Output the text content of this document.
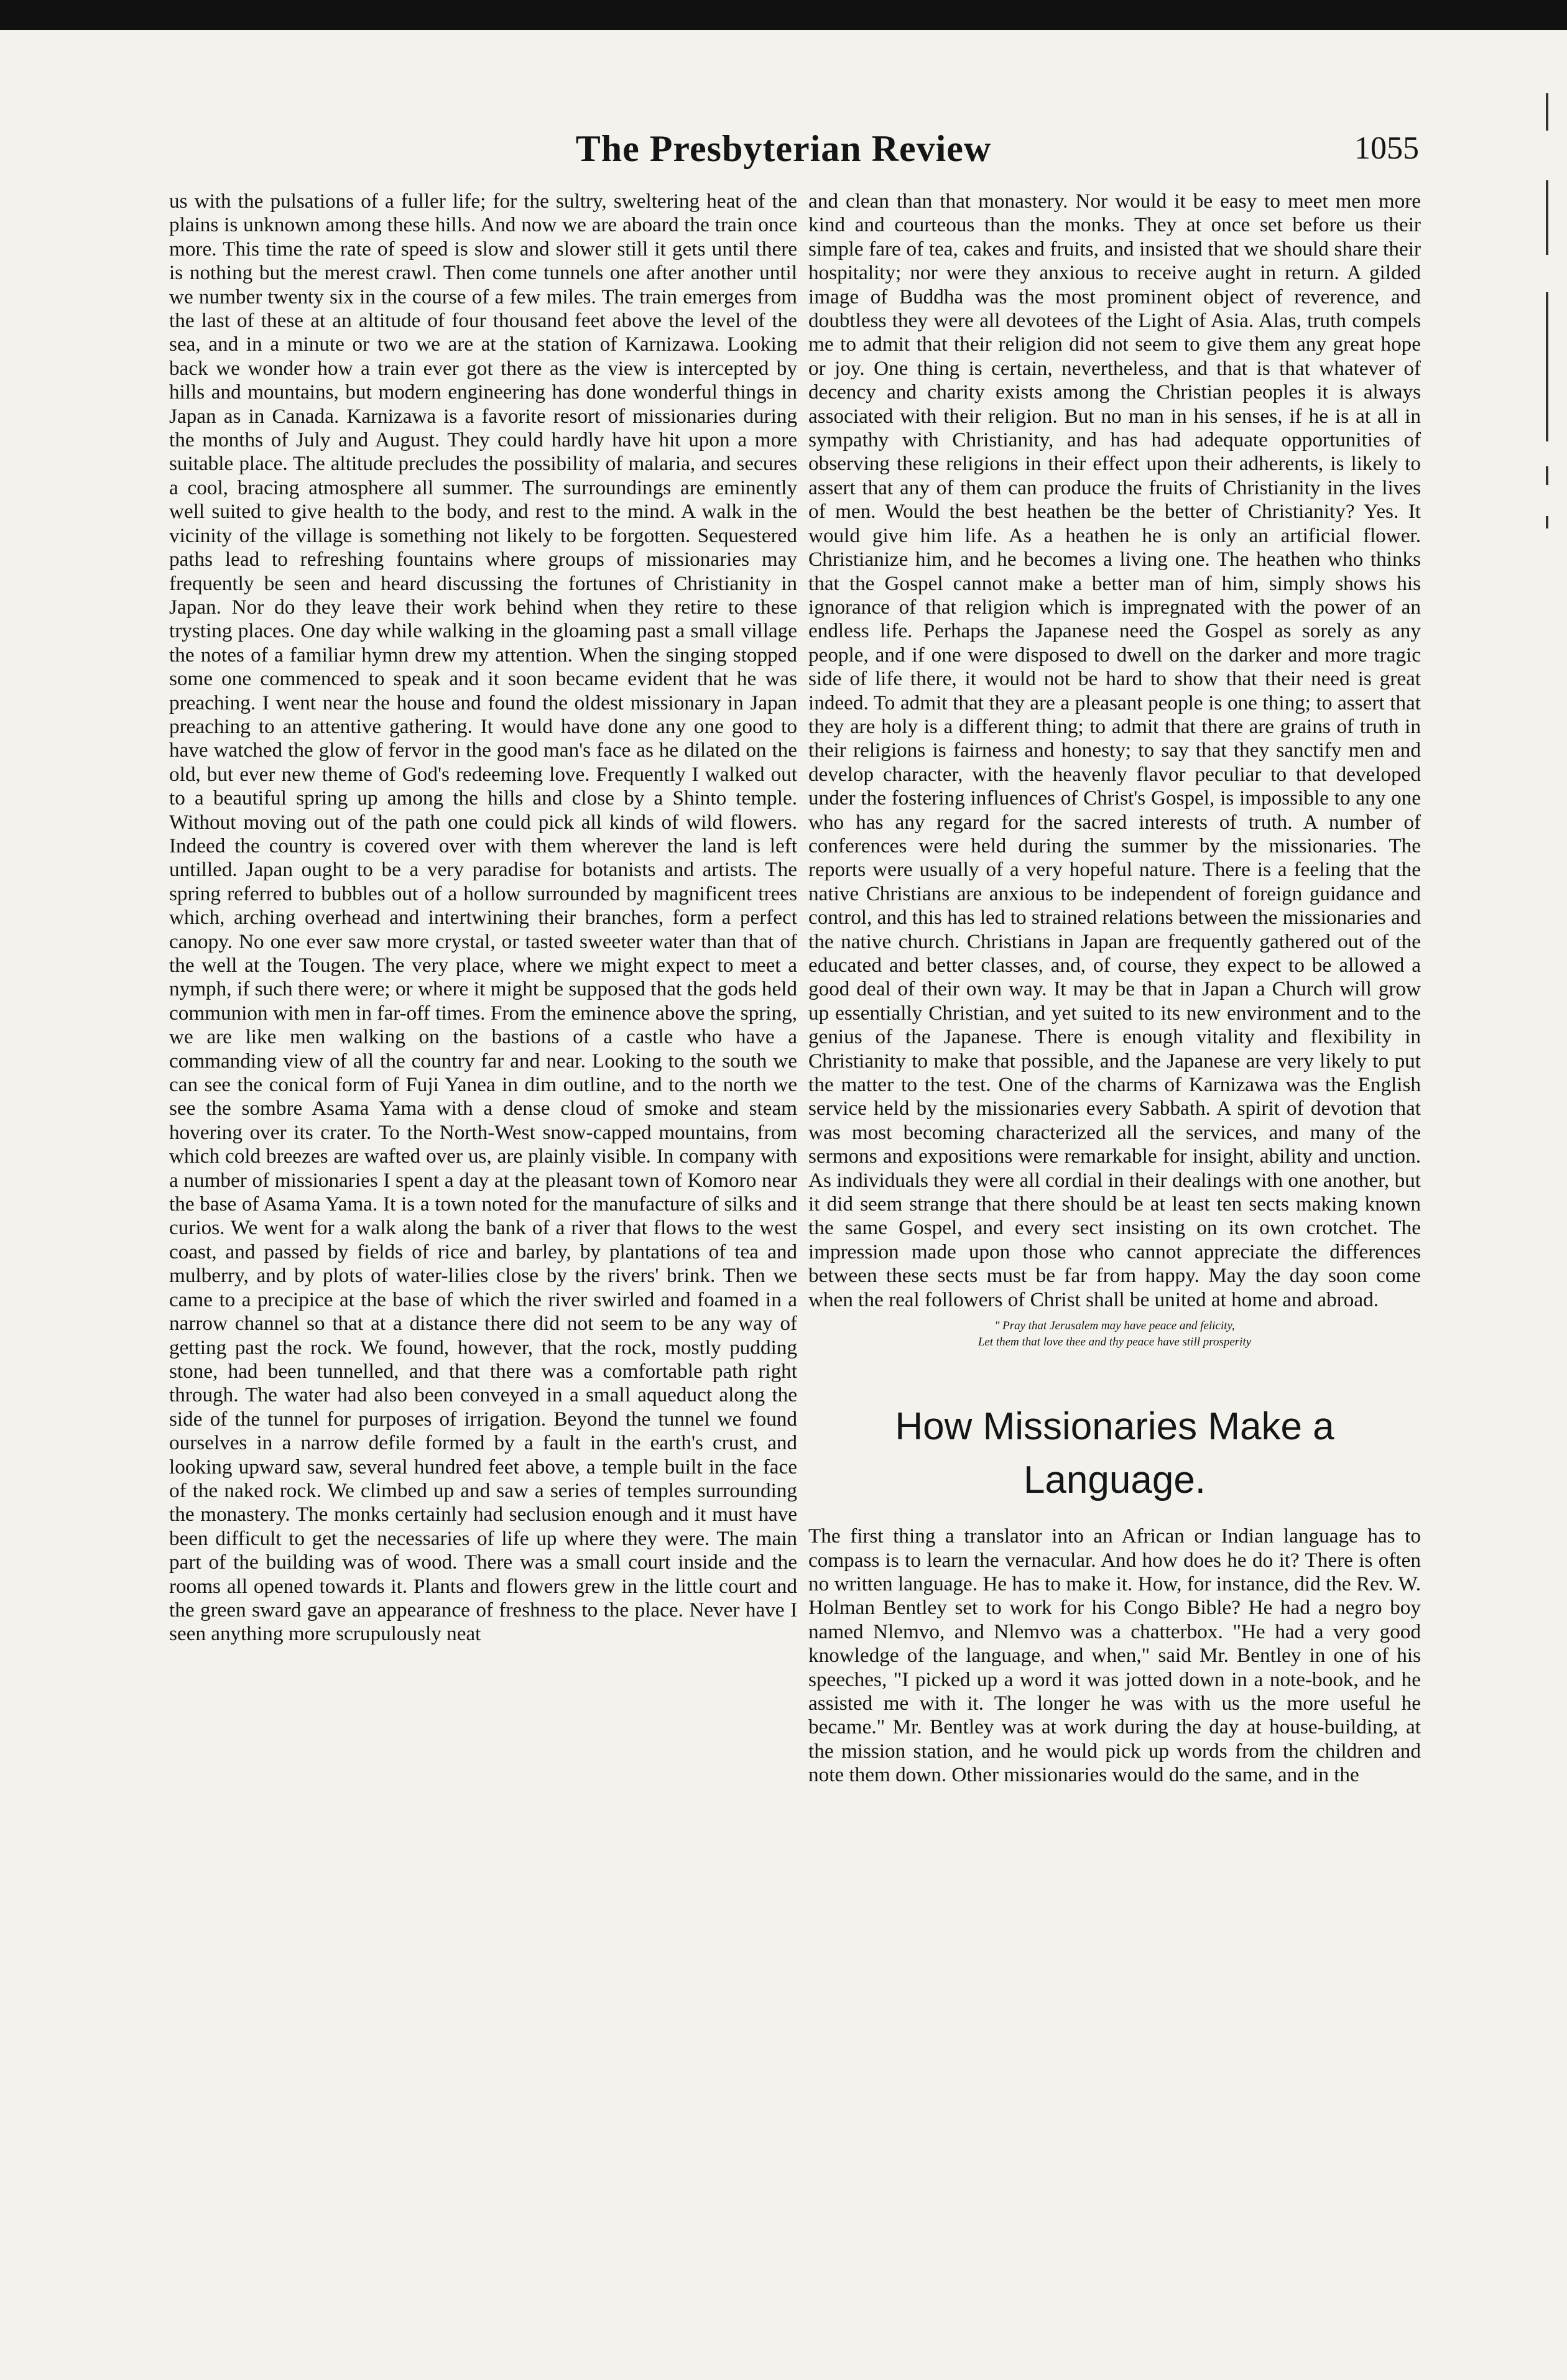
The Presbyterian Review	1055

us with the pulsations of a fuller life; for the sultry, sweltering heat of the plains is unknown among these hills. And now we are aboard the train once more. This time the rate of speed is slow and slower still it gets until there is nothing but the merest crawl. Then come tunnels one after another until we number twenty six in the course of a few miles. The train emerges from the last of these at an altitude of four thousand feet above the level of the sea, and in a minute or two we are at the station of Karnizawa. Looking back we wonder how a train ever got there as the view is intercepted by hills and mountains, but modern engineering has done wonderful things in Japan as in Canada. Karnizawa is a favorite resort of missionaries during the months of July and August. They could hardly have hit upon a more suitable place. The altitude precludes the possibility of malaria, and secures a cool, bracing atmosphere all summer. The surroundings are eminently well suited to give health to the body, and rest to the mind. A walk in the vicinity of the village is something not likely to be forgotten. Sequestered paths lead to refreshing fountains where groups of missionaries may frequently be seen and heard discussing the fortunes of Christianity in Japan. Nor do they leave their work behind when they retire to these trysting places. One day while walking in the gloaming past a small village the notes of a familiar hymn drew my attention. When the singing stopped some one commenced to speak and it soon became evident that he was preaching. I went near the house and found the oldest missionary in Japan preaching to an attentive gathering. It would have done any one good to have watched the glow of fervor in the good man's face as he dilated on the old, but ever new theme of God's redeeming love. Frequently I walked out to a beautiful spring up among the hills and close by a Shinto temple. Without moving out of the path one could pick all kinds of wild flowers. Indeed the country is covered over with them wherever the land is left untilled. Japan ought to be a very paradise for botanists and artists. The spring referred to bubbles out of a hollow surrounded by magnificent trees which, arching overhead and intertwining their branches, form a perfect canopy. No one ever saw more crystal, or tasted sweeter water than that of the well at the Tougen. The very place, where we might expect to meet a nymph, if such there were; or where it might be supposed that the gods held communion with men in far-off times. From the eminence above the spring, we are like men walking on the bastions of a castle who have a commanding view of all the country far and near. Looking to the south we can see the conical form of Fuji Yanea in dim outline, and to the north we see the sombre Asama Yama with a dense cloud of smoke and steam hovering over its crater. To the North-West snow-capped mountains, from which cold breezes are wafted over us, are plainly visible. In company with a number of missionaries I spent a day at the pleasant town of Komoro near the base of Asama Yama. It is a town noted for the manufacture of silks and curios. We went for a walk along the bank of a river that flows to the west coast, and passed by fields of rice and barley, by plantations of tea and mulberry, and by plots of water-lilies close by the rivers' brink. Then we came to a precipice at the base of which the river swirled and foamed in a narrow channel so that at a distance there did not seem to be any way of getting past the rock. We found, however, that the rock, mostly pudding stone, had been tunnelled, and that there was a comfortable path right through. The water had also been conveyed in a small aqueduct along the side of the tunnel for purposes of irrigation. Beyond the tunnel we found ourselves in a narrow defile formed by a fault in the earth's crust, and looking upward saw, several hundred feet above, a temple built in the face of the naked rock. We climbed up and saw a series of temples surrounding the monastery. The monks certainly had seclusion enough and it must have been difficult to get the necessaries of life up where they were. The main part of the building was of wood. There was a small court inside and the rooms all opened towards it. Plants and flowers grew in the little court and the green sward gave an appearance of freshness to the place. Never have I seen anything more scrupulously neat

and clean than that monastery. Nor would it be easy to meet men more kind and courteous than the monks. They at once set before us their simple fare of tea, cakes and fruits, and insisted that we should share their hospitality; nor were they anxious to receive aught in return. A gilded image of Buddha was the most prominent object of reverence, and doubtless they were all devotees of the Light of Asia. Alas, truth compels me to admit that their religion did not seem to give them any great hope or joy. One thing is certain, nevertheless, and that is that whatever of decency and charity exists among the Christian peoples it is always associated with their religion. But no man in his senses, if he is at all in sympathy with Christianity, and has had adequate opportunities of observing these religions in their effect upon their adherents, is likely to assert that any of them can produce the fruits of Christianity in the lives of men. Would the best heathen be the better of Christianity? Yes. It would give him life. As a heathen he is only an artificial flower. Christianize him, and he becomes a living one. The heathen who thinks that the Gospel cannot make a better man of him, simply shows his ignorance of that religion which is impregnated with the power of an endless life. Perhaps the Japanese need the Gospel as sorely as any people, and if one were disposed to dwell on the darker and more tragic side of life there, it would not be hard to show that their need is great indeed. To admit that they are a pleasant people is one thing; to assert that they are holy is a different thing; to admit that there are grains of truth in their religions is fairness and honesty; to say that they sanctify men and develop character, with the heavenly flavor peculiar to that developed under the fostering influences of Christ's Gospel, is impossible to any one who has any regard for the sacred interests of truth. A number of conferences were held during the summer by the missionaries. The reports were usually of a very hopeful nature. There is a feeling that the native Christians are anxious to be independent of foreign guidance and control, and this has led to strained relations between the missionaries and the native church. Christians in Japan are frequently gathered out of the educated and better classes, and, of course, they expect to be allowed a good deal of their own way. It may be that in Japan a Church will grow up essentially Christian, and yet suited to its new environment and to the genius of the Japanese. There is enough vitality and flexibility in Christianity to make that possible, and the Japanese are very likely to put the matter to the test. One of the charms of Karnizawa was the English service held by the missionaries every Sabbath. A spirit of devotion that was most becoming characterized all the services, and many of the sermons and expositions were remarkable for insight, ability and unction. As individuals they were all cordial in their dealings with one another, but it did seem strange that there should be at least ten sects making known the same Gospel, and every sect insisting on its own crotchet. The impression made upon those who cannot appreciate the differences between these sects must be far from happy. May the day soon come when the real followers of Christ shall be united at home and abroad.

" Pray that Jerusalem may have peace and felicity,
Let them that love thee and thy peace have still prosperity
How Missionaries Make a Language.

The first thing a translator into an African or Indian language has to compass is to learn the vernacular. And how does he do it? There is often no written language. He has to make it. How, for instance, did the Rev. W. Holman Bentley set to work for his Congo Bible? He had a negro boy named Nlemvo, and Nlemvo was a chatterbox. "He had a very good knowledge of the language, and when," said Mr. Bentley in one of his speeches, "I picked up a word it was jotted down in a note-book, and he assisted me with it. The longer he was with us the more useful he became." Mr. Bentley was at work during the day at house-building, at the mission station, and he would pick up words from the children and note them down. Other missionaries would do the same, and in the
